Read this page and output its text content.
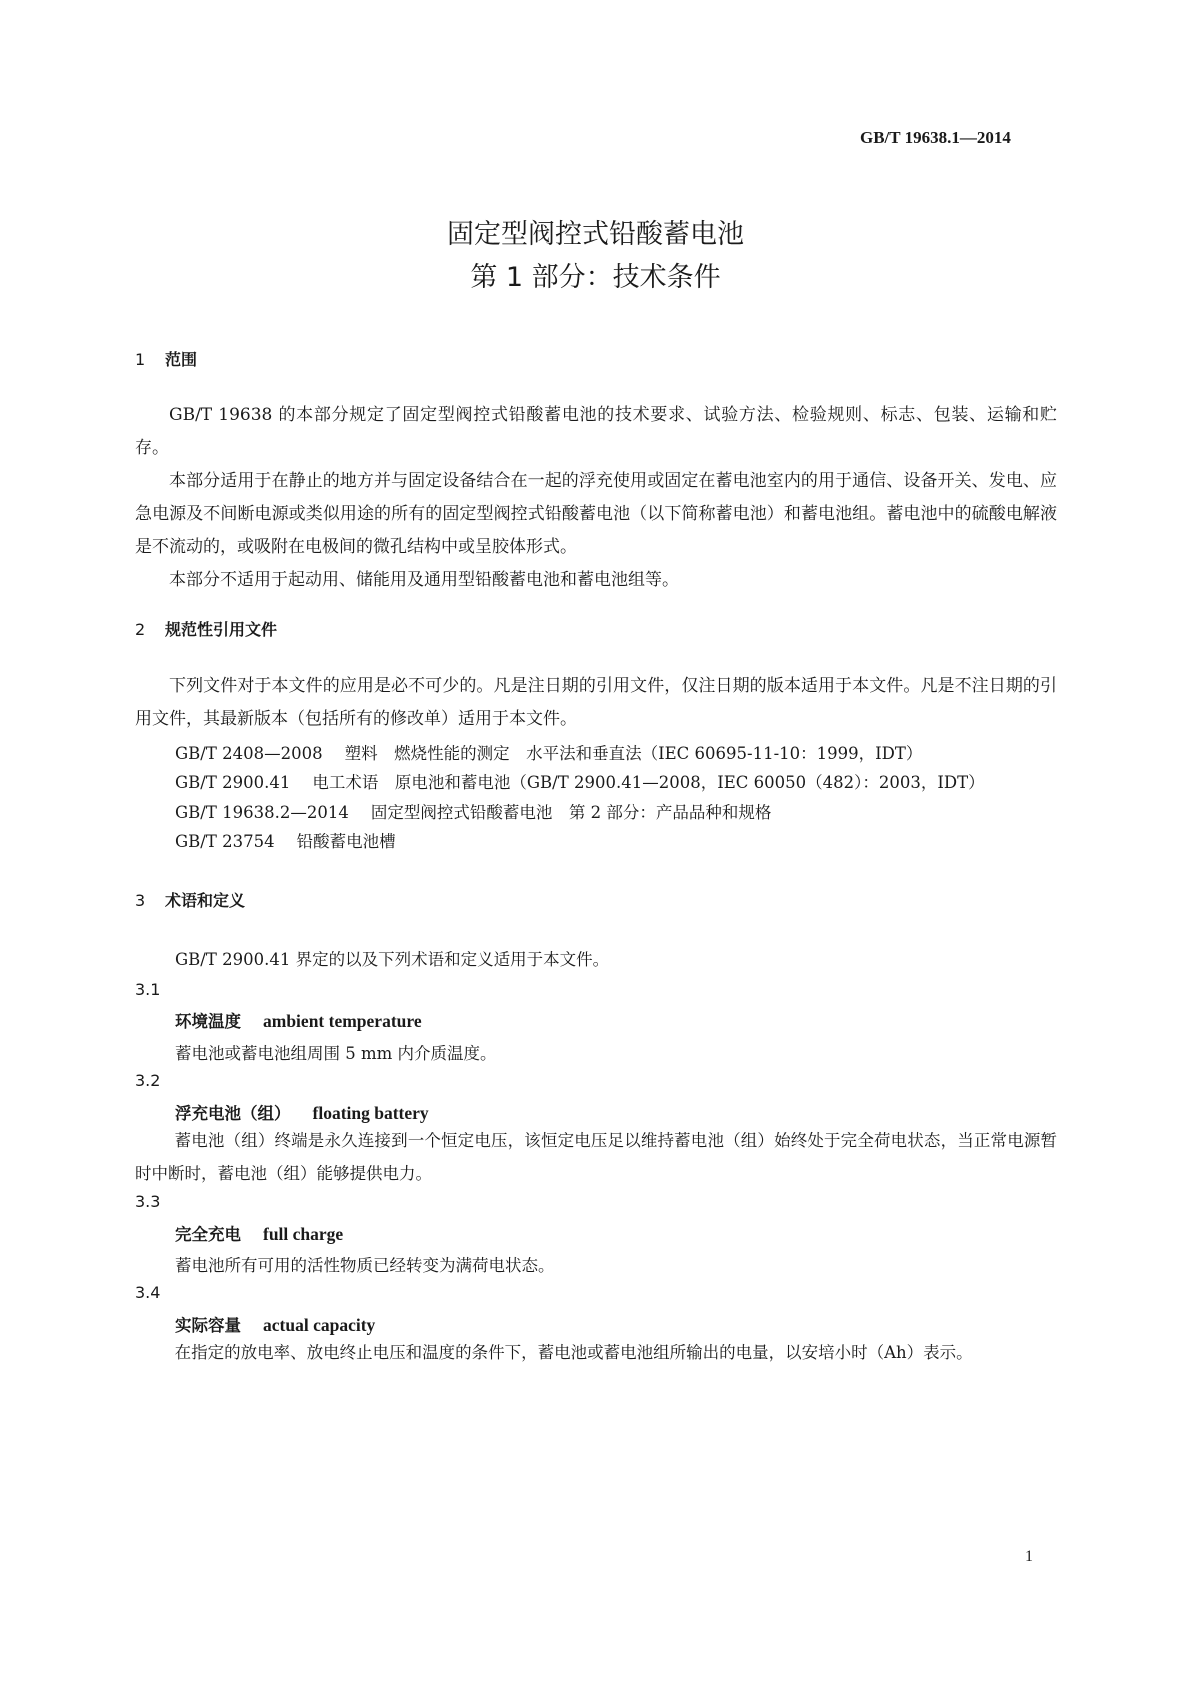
GB/T 19638.1—2014
固定型阀控式铅酸蓄电池
第 1 部分：技术条件
1 范围
GB/T 19638 的本部分规定了固定型阀控式铅酸蓄电池的技术要求、试验方法、检验规则、标志、包装、运输和贮存。
本部分适用于在静止的地方并与固定设备结合在一起的浮充使用或固定在蓄电池室内的用于通信、设备开关、发电、应急电源及不间断电源或类似用途的所有的固定型阀控式铅酸蓄电池（以下简称蓄电池）和蓄电池组。蓄电池中的硫酸电解液是不流动的，或吸附在电极间的微孔结构中或呈胶体形式。
本部分不适用于起动用、储能用及通用型铅酸蓄电池和蓄电池组等。
2 规范性引用文件
下列文件对于本文件的应用是必不可少的。凡是注日期的引用文件，仅注日期的版本适用于本文件。凡是不注日期的引用文件，其最新版本（包括所有的修改单）适用于本文件。
GB/T 2408—2008 塑料　燃烧性能的测定　水平法和垂直法（IEC 60695-11-10：1999，IDT）
GB/T 2900.41 电工术语　原电池和蓄电池（GB/T 2900.41—2008，IEC 60050（482）：2003，IDT）
GB/T 19638.2—2014 固定型阀控式铅酸蓄电池　第 2 部分：产品品种和规格
GB/T 23754 铅酸蓄电池槽
3 术语和定义
GB/T 2900.41 界定的以及下列术语和定义适用于本文件。
3.1
环境温度 ambient temperature
蓄电池或蓄电池组周围 5 mm 内介质温度。
3.2
浮充电池（组） floating battery
蓄电池（组）终端是永久连接到一个恒定电压，该恒定电压足以维持蓄电池（组）始终处于完全荷电状态，当正常电源暂时中断时，蓄电池（组）能够提供电力。
3.3
完全充电 full charge
蓄电池所有可用的活性物质已经转变为满荷电状态。
3.4
实际容量 actual capacity
在指定的放电率、放电终止电压和温度的条件下，蓄电池或蓄电池组所输出的电量，以安培小时（Ah）表示。
1
